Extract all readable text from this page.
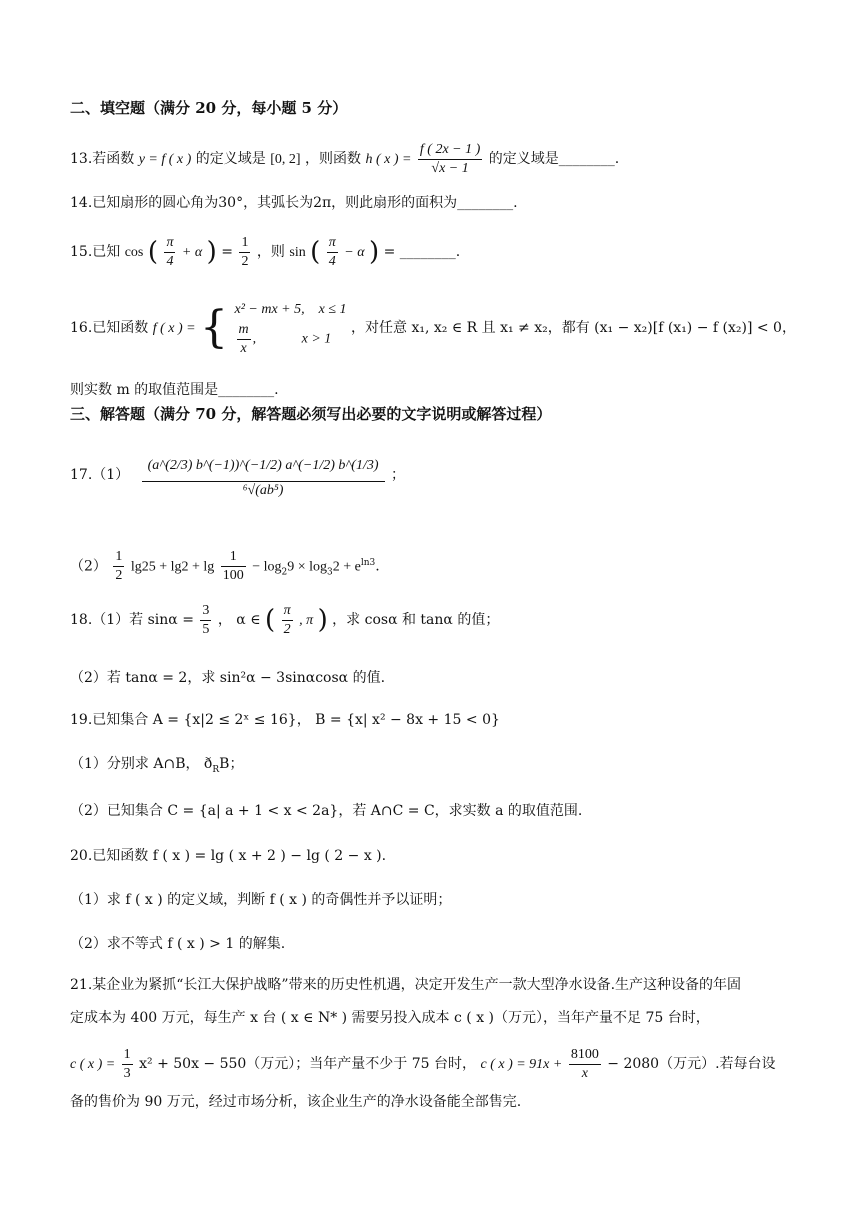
二、填空题（满分 20 分，每小题 5 分）
13.若函数 y = f ( x ) 的定义域是 [0, 2] ，则函数 h ( x ) = $\frac{f ( 2x - 1 )}{√x - 1}$ 的定义域是________.
14.已知扇形的圆心角为30°，其弧长为2π，则此扇形的面积为________.
15.已知 cos ( $\frac{\pi}{4} + \alpha$ ) = $\frac{1}{2}$ ，则 sin ( $\frac{\pi}{4} - \alpha$ ) = ________.
16.已知函数 f ( x ) = { x² − mx + 5, x ≤ 1
$\frac{m}{x}$ ,             x > 1
，对任意 x₁, x₂ ∈ R 且 x₁ ≠ x₂，都有 (x₁ − x₂)[f (x₁) − f (x₂)] < 0，
则实数 m 的取值范围是________.
三、解答题（满分 70 分，解答题必须写出必要的文字说明或解答过程）
$17.(1) \frac{(a\^{}(2/3) b\^{}(-1))\^{}(-1/2) a\^{}(-1/2) b\^{}(1/3)}{\text{⁶√(ab⁵)}}$ ；
$(2) \frac{1}{2} \lg 25 + \lg 2 + \lg \frac{1}{100} - \log_29 \times \log_32 + e^{ln3}$.
18.（1）若 $\sin\alpha = \frac{3}{5}$ ， α ∈ ( $\frac{\pi}{2}$ , π ) ，求 cosα 和 tanα 的值；
（2）若 tanα = 2，求 sin²α − 3sinαcosα 的值.
19.已知集合 A = {x|2 ≤ 2ˣ ≤ 16}， B = {x| x² − 8x + 15 < 0}
（1）分别求 A∩B， $ð_RB$；
（2）已知集合 C = {a| a + 1 < x < 2a}，若 A∩C = C，求实数 a 的取值范围.
20.已知函数 f ( x ) = lg ( x + 2 ) − lg ( 2 − x ).
（1）求 f ( x ) 的定义域，判断 f ( x ) 的奇偶性并予以证明；
（2）求不等式 f ( x ) > 1 的解集.
21.某企业为紧抓“长江大保护战略”带来的历史性机遇，决定开发生产一款大型净水设备.生产这种设备的年固
定成本为 400 万元，每生产 x 台 ( x ∈ N* ) 需要另投入成本 c ( x )（万元），当年产量不足 75 台时，
c ( x ) = $\frac{1}{3} x^2 + 50x - 550$（万元）；当年产量不少于 75 台时， c ( x ) = $91x + \frac{8100}{x} - 2080$（万元）.若每台设
备的售价为 90 万元，经过市场分析，该企业生产的净水设备能全部售完.
